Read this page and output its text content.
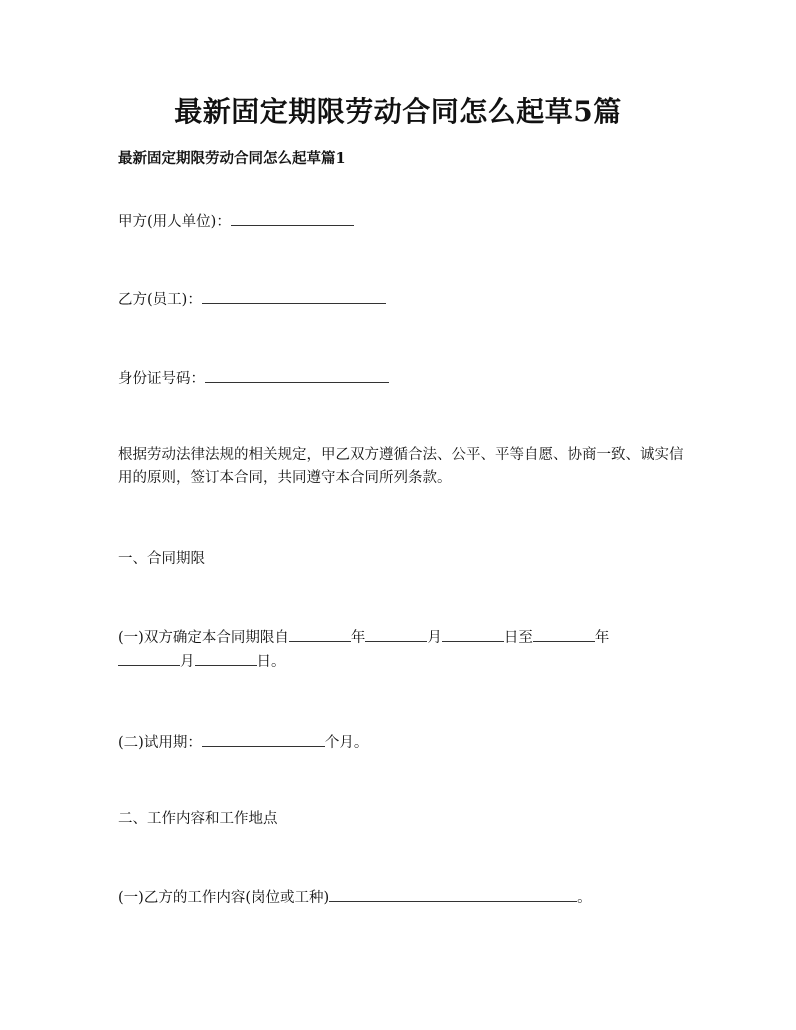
最新固定期限劳动合同怎么起草5篇
最新固定期限劳动合同怎么起草篇1
甲方(用人单位)：
乙方(员工)：
身份证号码：
根据劳动法律法规的相关规定，甲乙双方遵循合法、公平、平等自愿、协商一致、诚实信用的原则，签订本合同，共同遵守本合同所列条款。
一、合同期限
(一)双方确定本合同期限自	年	月	日至	年
月	日。
(二)试用期：	个月。
二、工作内容和工作地点
(一)乙方的工作内容(岗位或工种)	。
